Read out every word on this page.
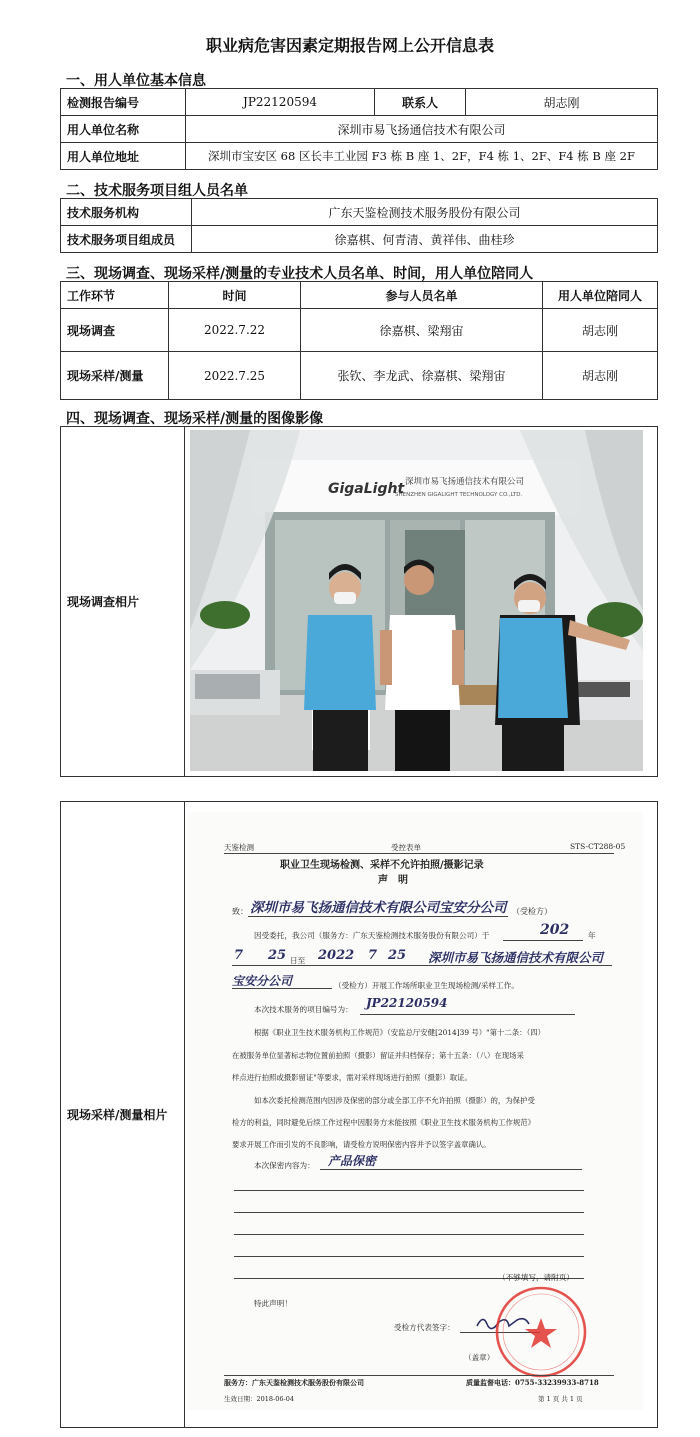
职业病危害因素定期报告网上公开信息表
一、用人单位基本信息
检测报告编号	JP22120594	联系人	胡志刚
用人单位名称	深圳市易飞扬通信技术有限公司		
用人单位地址	深圳市宝安区 68 区长丰工业园 F3 栋 B 座 1、2F，F4 栋 1、2F、F4 栋 B 座 2F		
二、技术服务项目组人员名单
技术服务机构	广东天鉴检测技术服务股份有限公司
技术服务项目组成员	徐嘉棋、何青清、黄祥伟、曲桂珍
三、现场调查、现场采样/测量的专业技术人员名单、时间，用人单位陪同人
工作环节	时间	参与人员名单	用人单位陪同人
现场调查	2022.7.22	徐嘉棋、梁翔宙	胡志刚
现场采样/测量	2022.7.25	张钦、李龙武、徐嘉棋、梁翔宙	胡志刚
四、现场调查、现场采样/测量的图像影像
现场调查相片	
深圳市易飞扬通信技术有限公司
SHENZHEN GIGALIGHT TECHNOLOGY CO.,LTD.
GigaLight
现场采样/测量相片	
天鉴检测	受控表单	STS-CT288-05
职业卫生现场检测、采样不允许拍照/摄影记录
声　明
致： 深圳市易飞扬通信技术有限公司宝安分公司 （受检方）
因受委托，我公司（服务方：广东天鉴检测技术服务股份有限公司）于	202 年
7 25 日至 2022 7 25 深圳市易飞扬通信技术有限公司
宝安分公司	（受检方）开展工作场所职业卫生现场检测/采样工作。
本次技术服务的项目编号为： JP22120594
根据《职业卫生技术服务机构工作规范》（安监总厅安健[2014]39 号）"第十二条：（四）
在被服务单位显著标志物位置前拍照（摄影）留证并归档保存；第十五条：（八）在现场采
样点进行拍照或摄影留证"等要求，需对采样现场进行拍照（摄影）取证。
如本次委托检测范围内因涉及保密的部分或全部工序不允许拍照（摄影）的，为保护受
检方的利益，同时避免后续工作过程中因服务方未能按照《职业卫生技术服务机构工作规范》
要求开展工作而引发的不良影响，请受检方说明保密内容并予以签字盖章确认。
本次保密内容为： 产品保密
（不够填写，请附页）
特此声明！
受检方代表签字：
（盖章）
服务方：广东天鉴检测技术服务股份有限公司	质量监督电话：0755-33239933-8718
生效日期：2018-06-04	第 1 页 共 1 页
